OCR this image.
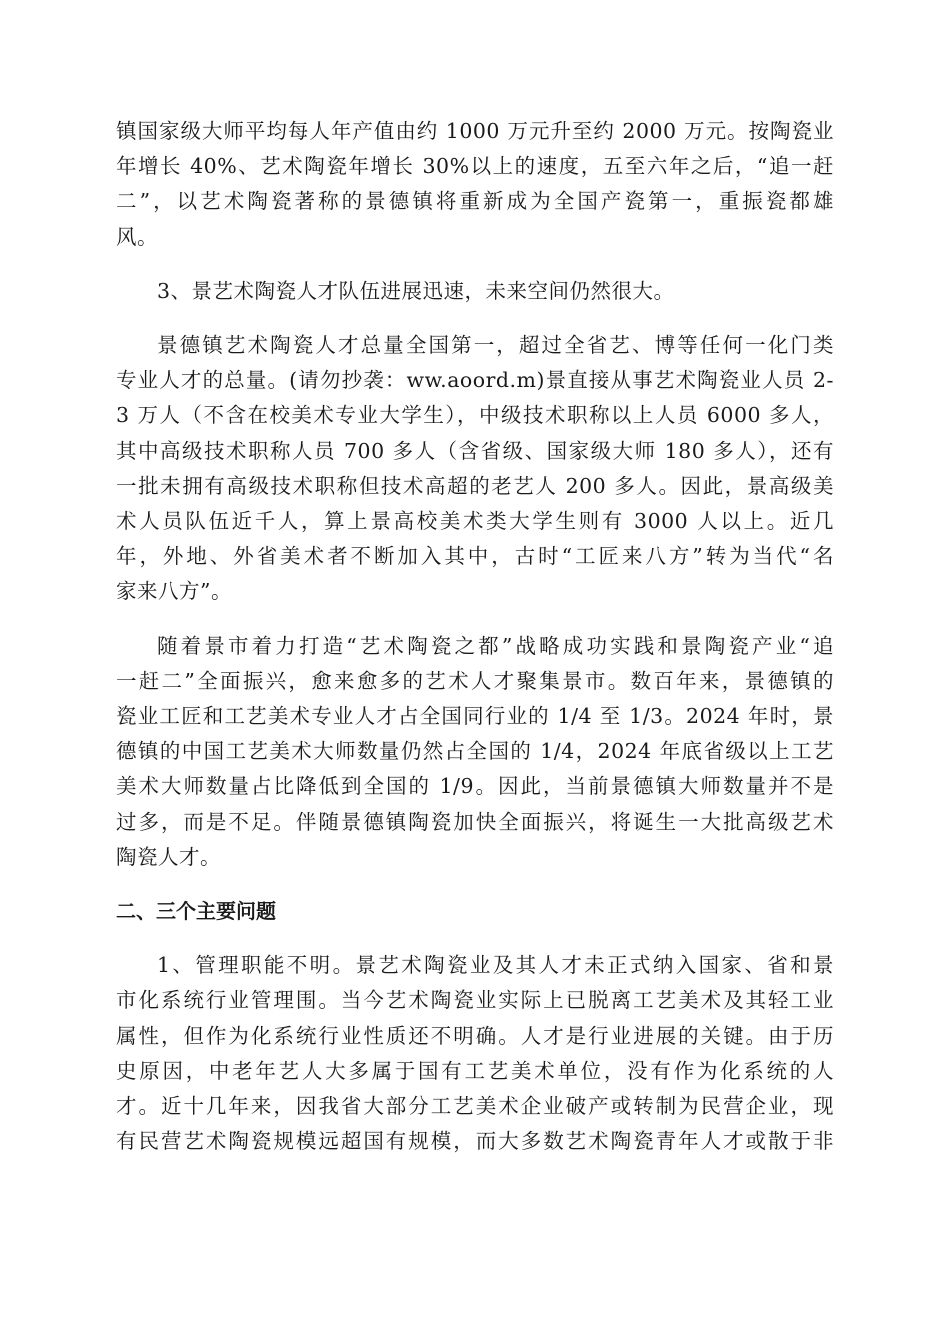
镇国家级大师平均每人年产值由约 1000 万元升至约 2000 万元。按陶瓷业
年增长 40%、艺术陶瓷年增长 30%以上的速度，五至六年之后，“追一赶
二”，以艺术陶瓷著称的景德镇将重新成为全国产瓷第一，重振瓷都雄
风。
3、景艺术陶瓷人才队伍进展迅速，未来空间仍然很大。
景德镇艺术陶瓷人才总量全国第一，超过全省艺、博等任何一化门类
专业人才的总量。(请勿抄袭：ww.aoord.m)景直接从事艺术陶瓷业人员 2-
3 万人（不含在校美术专业大学生），中级技术职称以上人员 6000 多人，
其中高级技术职称人员 700 多人（含省级、国家级大师 180 多人），还有
一批未拥有高级技术职称但技术高超的老艺人 200 多人。因此，景高级美
术人员队伍近千人，算上景高校美术类大学生则有 3000 人以上。近几
年，外地、外省美术者不断加入其中，古时“工匠来八方”转为当代“名
家来八方”。
随着景市着力打造“艺术陶瓷之都”战略成功实践和景陶瓷产业“追
一赶二”全面振兴，愈来愈多的艺术人才聚集景市。数百年来，景德镇的
瓷业工匠和工艺美术专业人才占全国同行业的 1/4 至 1/3。2024 年时，景
德镇的中国工艺美术大师数量仍然占全国的 1/4，2024 年底省级以上工艺
美术大师数量占比降低到全国的 1/9。因此，当前景德镇大师数量并不是
过多，而是不足。伴随景德镇陶瓷加快全面振兴，将诞生一大批高级艺术
陶瓷人才。
二、三个主要问题
1、管理职能不明。景艺术陶瓷业及其人才未正式纳入国家、省和景
市化系统行业管理围。当今艺术陶瓷业实际上已脱离工艺美术及其轻工业
属性，但作为化系统行业性质还不明确。人才是行业进展的关键。由于历
史原因，中老年艺人大多属于国有工艺美术单位，没有作为化系统的人
才。近十几年来，因我省大部分工艺美术企业破产或转制为民营企业，现
有民营艺术陶瓷规模远超国有规模，而大多数艺术陶瓷青年人才或散于非
